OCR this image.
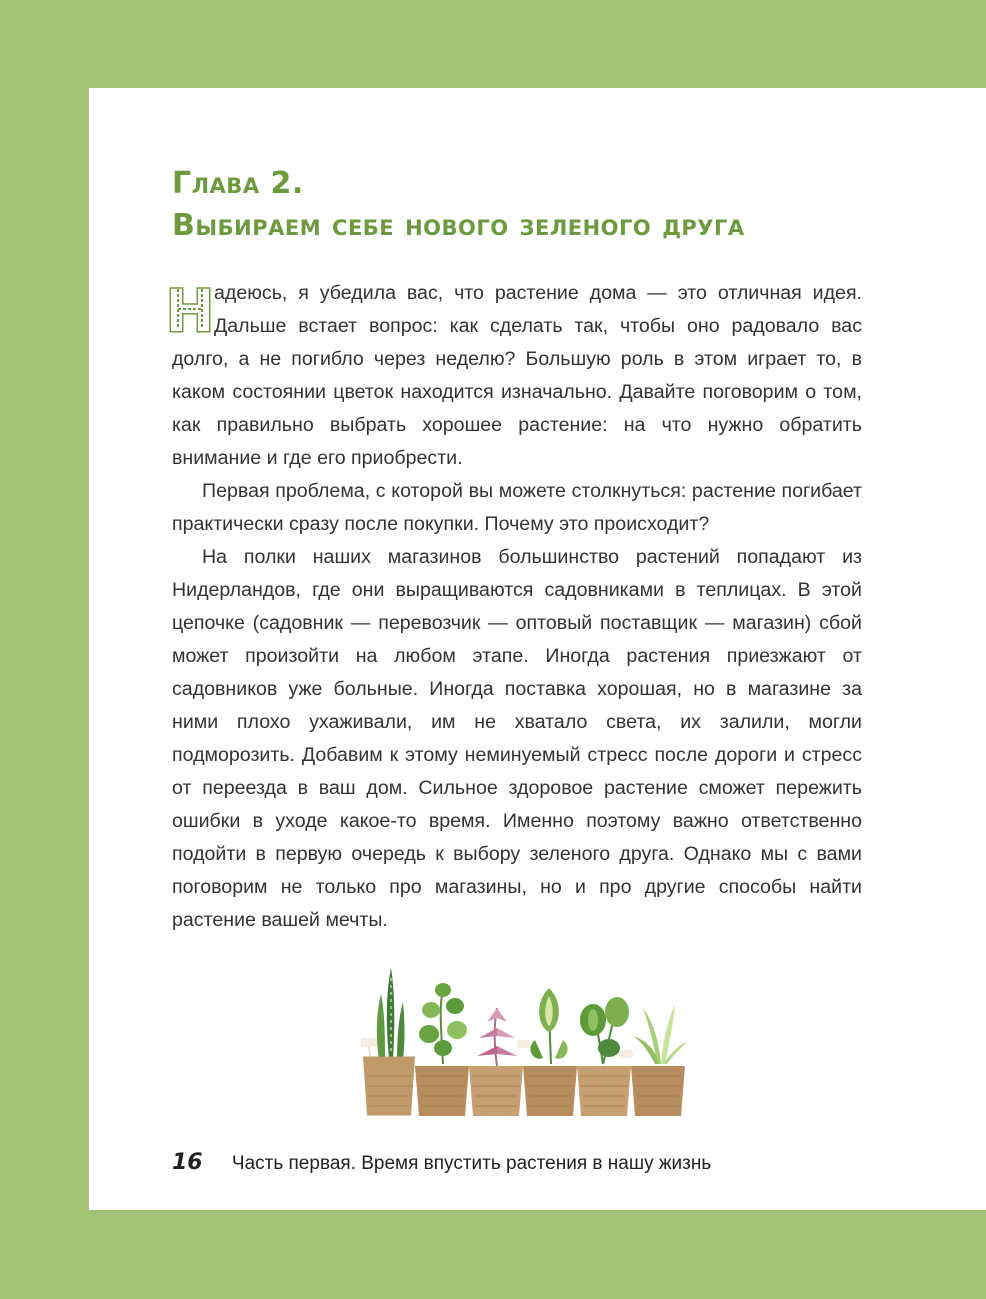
Глава 2.
Выбираем себе нового зеленого друга

Н адеюсь, я убедила вас, что растение дома — это отличная идея. Дальше встает вопрос: как сделать так, чтобы оно радовало вас долго, а не погибло через неделю? Большую роль в этом играет то, в каком состоянии цветок находится изначально. Давайте поговорим о том, как правильно выбрать хорошее растение: на что нужно обратить внимание и где его приобрести.

Первая проблема, с которой вы можете столкнуться: растение погибает практически сразу после покупки. Почему это происходит?

На полки наших магазинов большинство растений попадают из Нидерландов, где они выращиваются садовниками в теплицах. В этой цепочке (садовник — перевозчик — оптовый поставщик — магазин) сбой может произойти на любом этапе. Иногда растения приезжают от садовников уже больные. Иногда поставка хорошая, но в магазине за ними плохо ухаживали, им не хватало света, их залили, могли подморозить. Добавим к этому неминуемый стресс после дороги и стресс от переезда в ваш дом. Сильное здоровое растение сможет пережить ошибки в уходе какое-то время. Именно поэтому важно ответственно подойти в первую очередь к выбору зеленого друга. Однако мы с вами поговорим не только про магазины, но и про другие способы найти растение вашей мечты.

16 Часть первая. Время впустить растения в нашу жизнь
